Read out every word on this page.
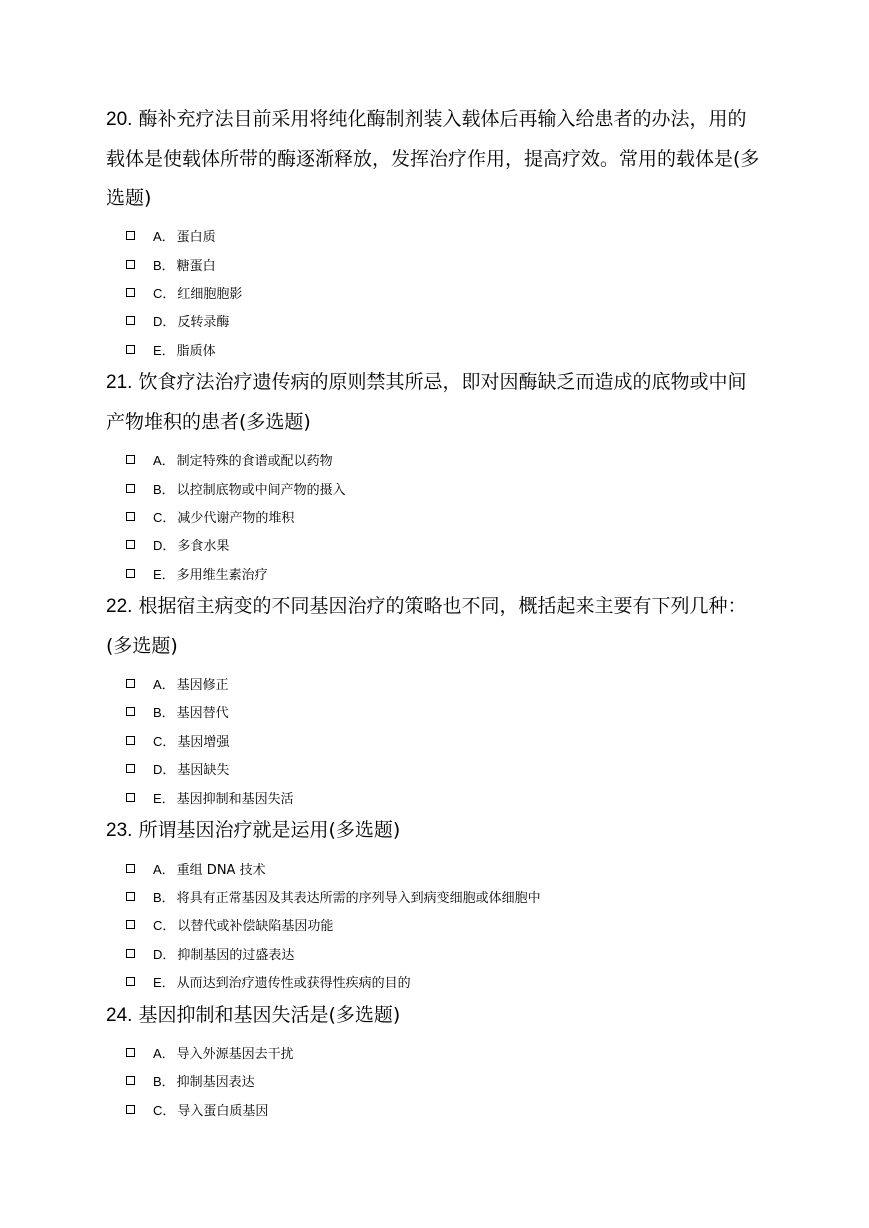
20. 酶补充疗法目前采用将纯化酶制剂装入载体后再输入给患者的办法，用的载体是使载体所带的酶逐渐释放，发挥治疗作用，提高疗效。常用的载体是(多选题)

A． 蛋白质
B． 糖蛋白
C． 红细胞胞影
D． 反转录酶
E． 脂质体

21. 饮食疗法治疗遗传病的原则禁其所忌，即对因酶缺乏而造成的底物或中间产物堆积的患者(多选题)

A． 制定特殊的食谱或配以药物
B． 以控制底物或中间产物的摄入
C． 减少代谢产物的堆积
D． 多食水果
E． 多用维生素治疗

22. 根据宿主病变的不同基因治疗的策略也不同，概括起来主要有下列几种：(多选题)

A． 基因修正
B． 基因替代
C． 基因增强
D． 基因缺失
E． 基因抑制和基因失活

23. 所谓基因治疗就是运用(多选题)

A． 重组 DNA 技术
B． 将具有正常基因及其表达所需的序列导入到病变细胞或体细胞中
C． 以替代或补偿缺陷基因功能
D． 抑制基因的过盛表达
E． 从而达到治疗遗传性或获得性疾病的目的

24. 基因抑制和基因失活是(多选题)

A． 导入外源基因去干扰
B． 抑制基因表达
C． 导入蛋白质基因
